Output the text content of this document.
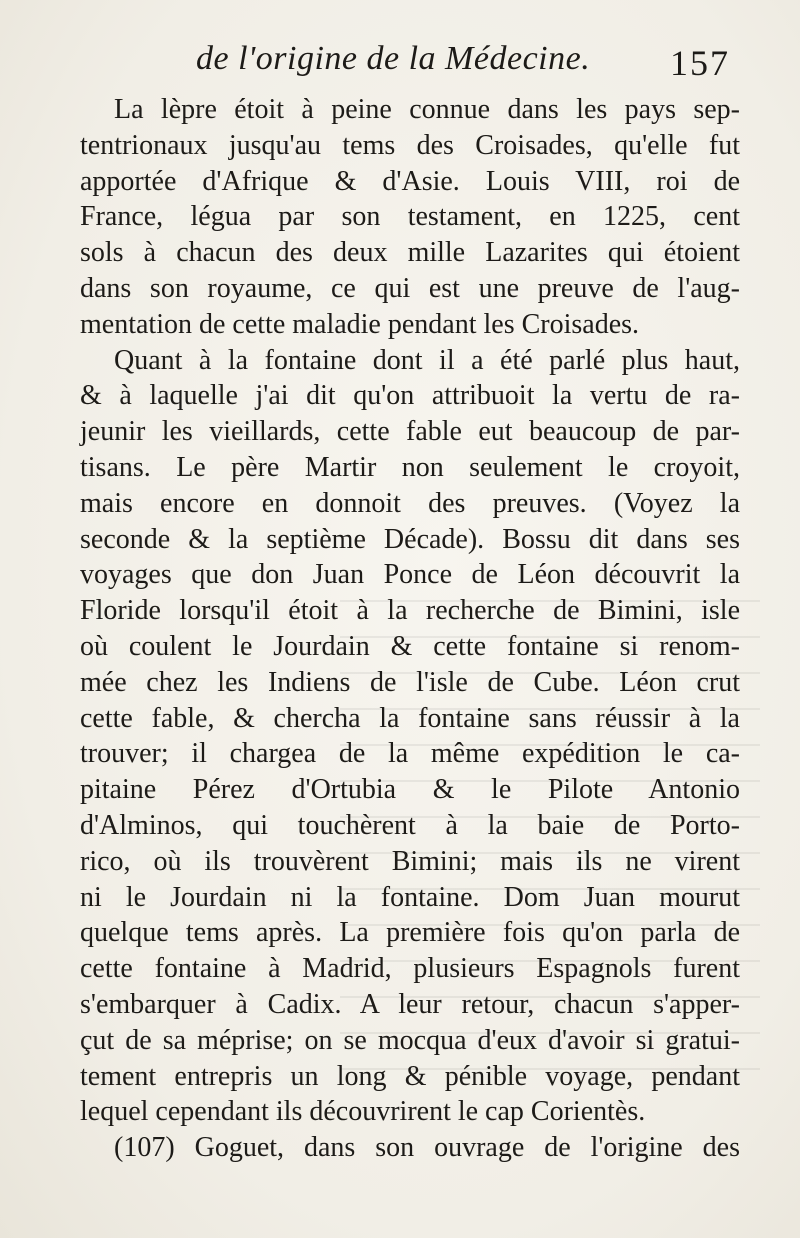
de l'origine de la Médecine. 157
La lèpre étoit à peine connue dans les pays sep-
tentrionaux jusqu'au tems des Croisades, qu'elle fut
apportée d'Afrique & d'Asie. Louis VIII, roi de
France, légua par son testament, en 1225, cent
sols à chacun des deux mille Lazarites qui étoient
dans son royaume, ce qui est une preuve de l'aug-
mentation de cette maladie pendant les Croisades.
Quant à la fontaine dont il a été parlé plus haut,
& à laquelle j'ai dit qu'on attribuoit la vertu de ra-
jeunir les vieillards, cette fable eut beaucoup de par-
tisans. Le père Martir non seulement le croyoit,
mais encore en donnoit des preuves. (Voyez la
seconde & la septième Décade). Bossu dit dans ses
voyages que don Juan Ponce de Léon découvrit la
Floride lorsqu'il étoit à la recherche de Bimini, isle
où coulent le Jourdain & cette fontaine si renom-
mée chez les Indiens de l'isle de Cube. Léon crut
cette fable, & chercha la fontaine sans réussir à la
trouver; il chargea de la même expédition le ca-
pitaine Pérez d'Ortubia & le Pilote Antonio
d'Alminos, qui touchèrent à la baie de Porto-
rico, où ils trouvèrent Bimini; mais ils ne virent
ni le Jourdain ni la fontaine. Dom Juan mourut
quelque tems après. La première fois qu'on parla de
cette fontaine à Madrid, plusieurs Espagnols furent
s'embarquer à Cadix. A leur retour, chacun s'apper-
çut de sa méprise; on se mocqua d'eux d'avoir si gratui-
tement entrepris un long & pénible voyage, pendant
lequel cependant ils découvrirent le cap Corientès.
(107) Goguet, dans son ouvrage de l'origine des
